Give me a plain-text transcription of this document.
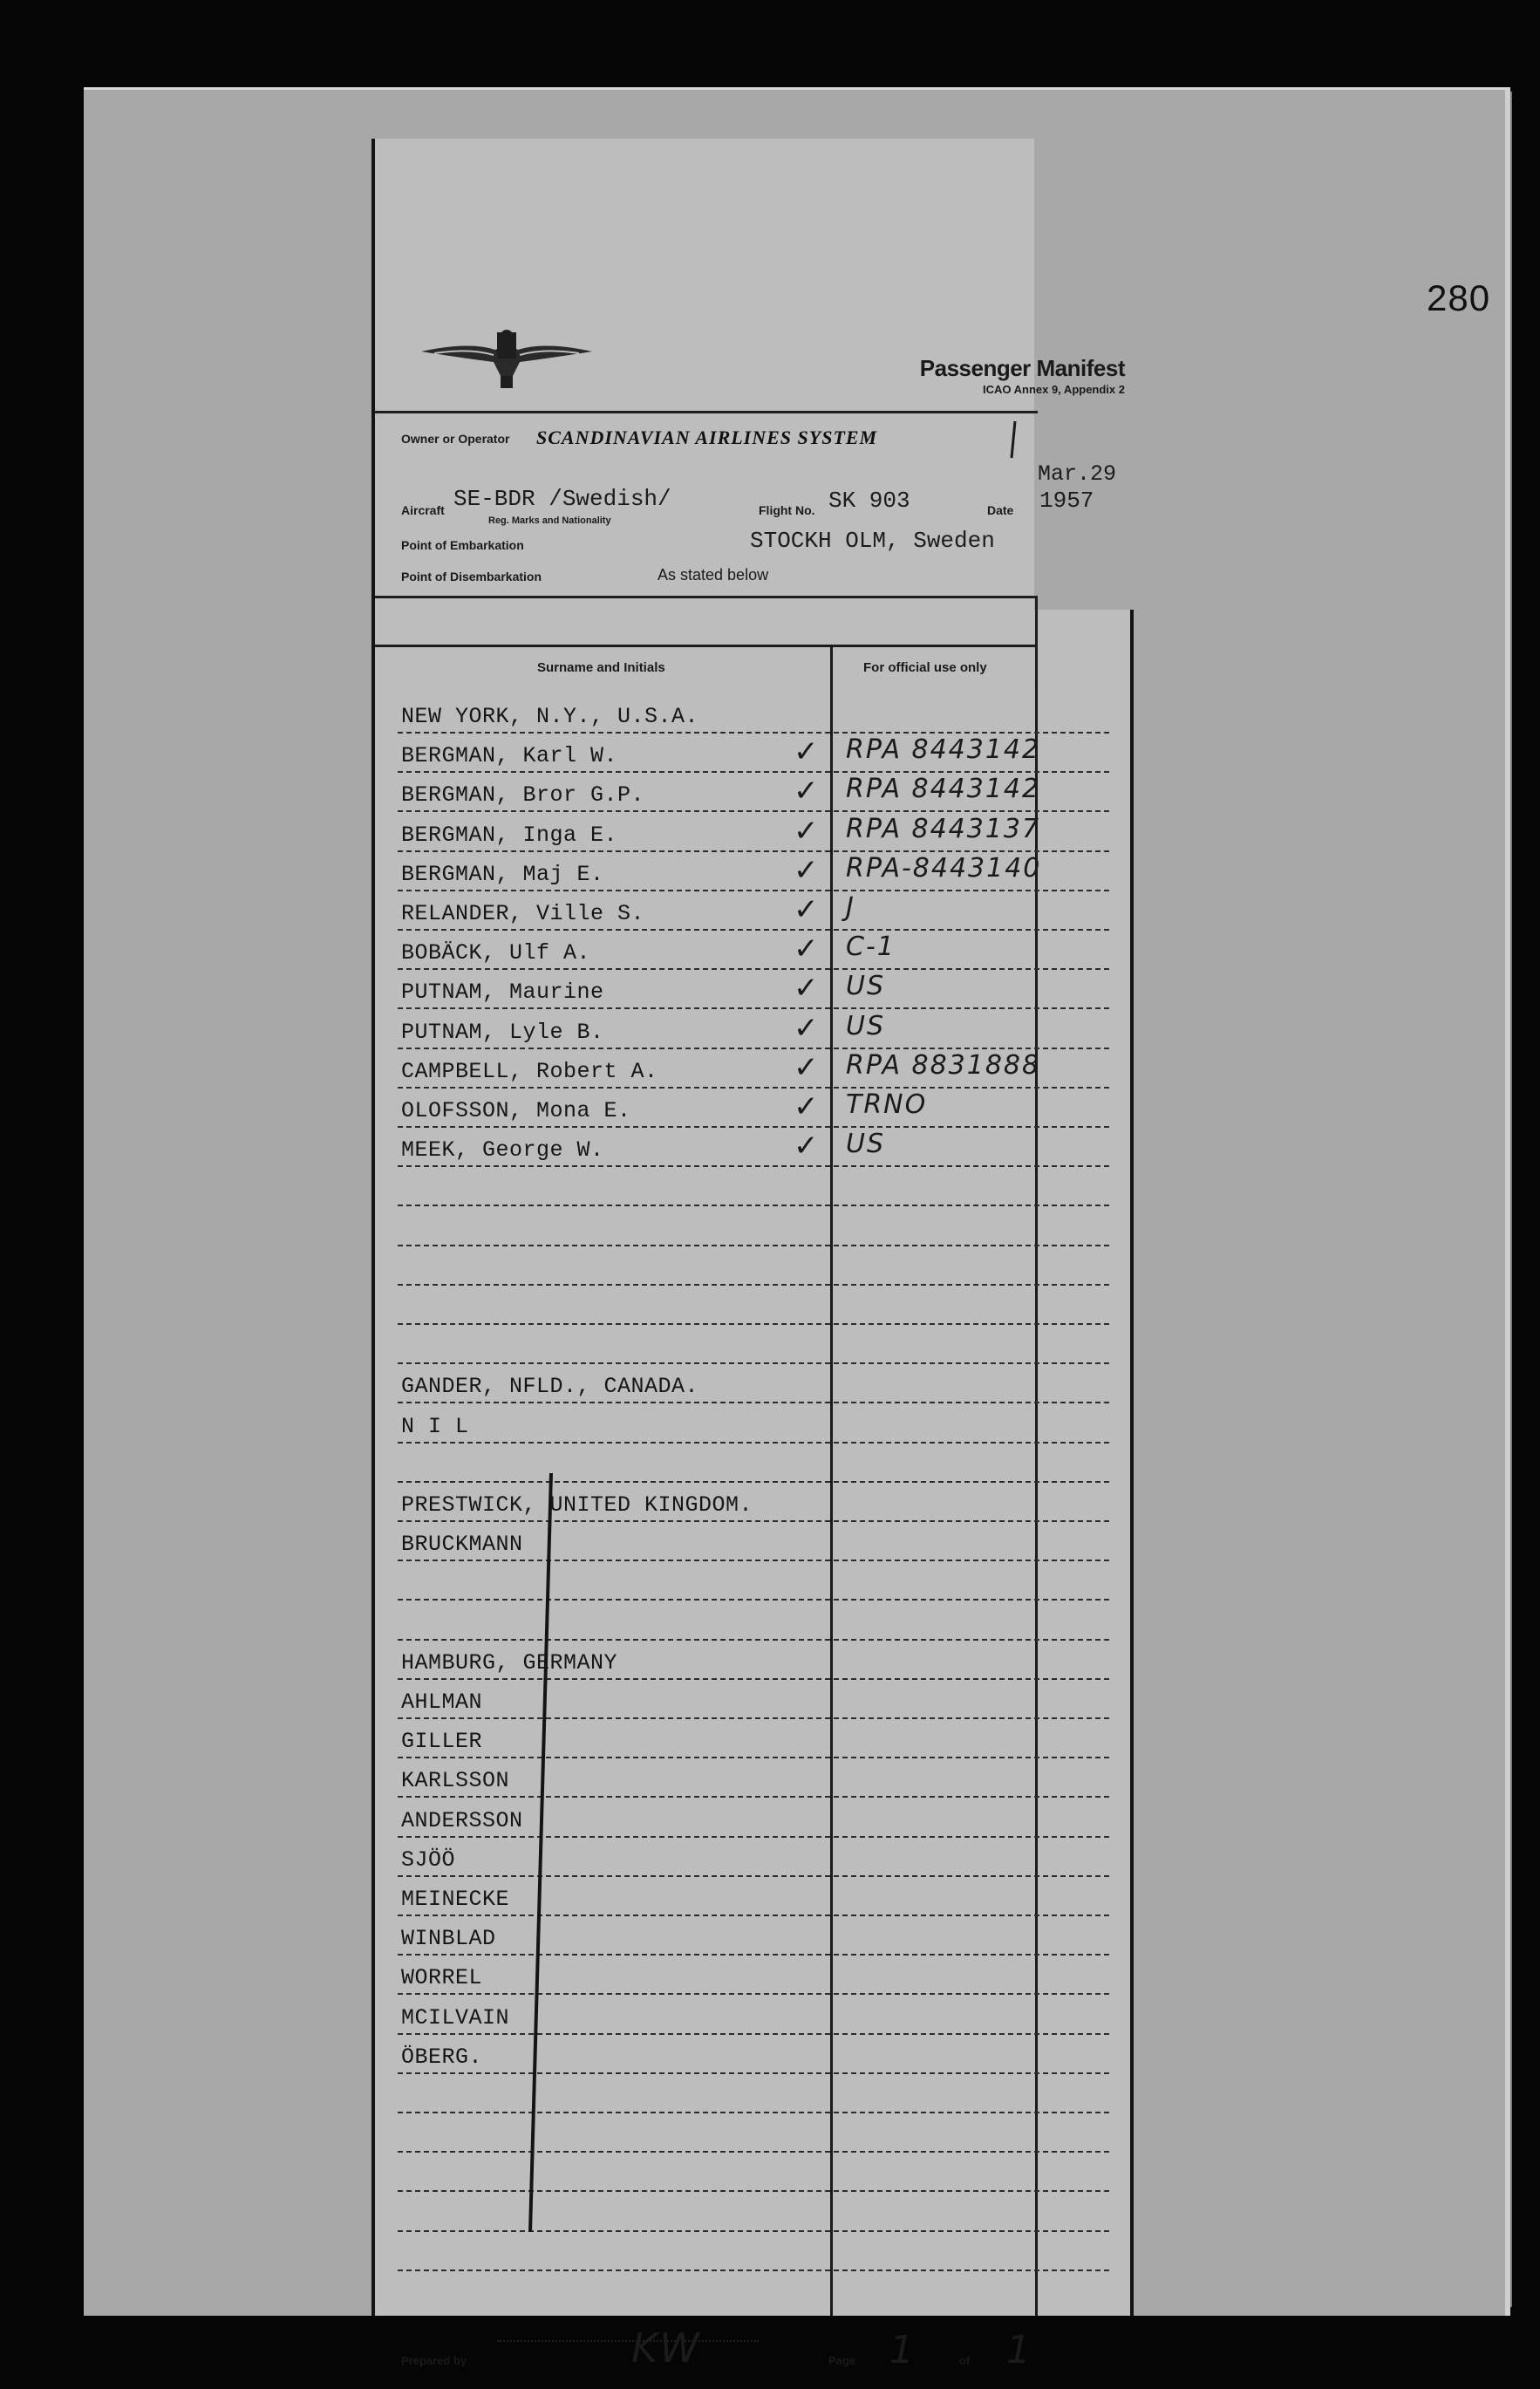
280
Passenger Manifest
ICAO Annex 9, Appendix 2
Owner or Operator SCANDINAVIAN AIRLINES SYSTEM
Mar.29
Aircraft SE-BDR /Swedish/
Reg. Marks and Nationality
Flight No. SK 903	Date 1957
Point of Embarkation	STOCKH OLM, Sweden
Point of Disembarkation	As stated below
Surname and Initials	For official use only
NEW YORK, N.Y., U.S.A.
BERGMAN, Karl W.	✓ RPA 8443142
BERGMAN, Bror G.P.	✓ RPA 8443142
BERGMAN, Inga E.	✓ RPA 8443137
BERGMAN, Maj E.	✓ RPA-8443140
RELANDER, Ville S.	✓ J
BOBÄCK, Ulf A.	✓ C-1
PUTNAM, Maurine	✓ US
PUTNAM, Lyle B.	✓ US
CAMPBELL, Robert A.	✓ RPA 8831888
OLOFSSON, Mona E.	✓ TRNO
MEEK, George W.	✓ US
GANDER, NFLD., CANADA.
N I L
PRESTWICK, UNITED KINGDOM.
BRUCKMANN
HAMBURG, GERMANY
AHLMAN
GILLER
KARLSSON
ANDERSSON
SJÖÖ
MEINECKE
WINBLAD
WORREL
MCILVAIN
ÖBERG.
Prepared by	KW	Page 1	of 1
